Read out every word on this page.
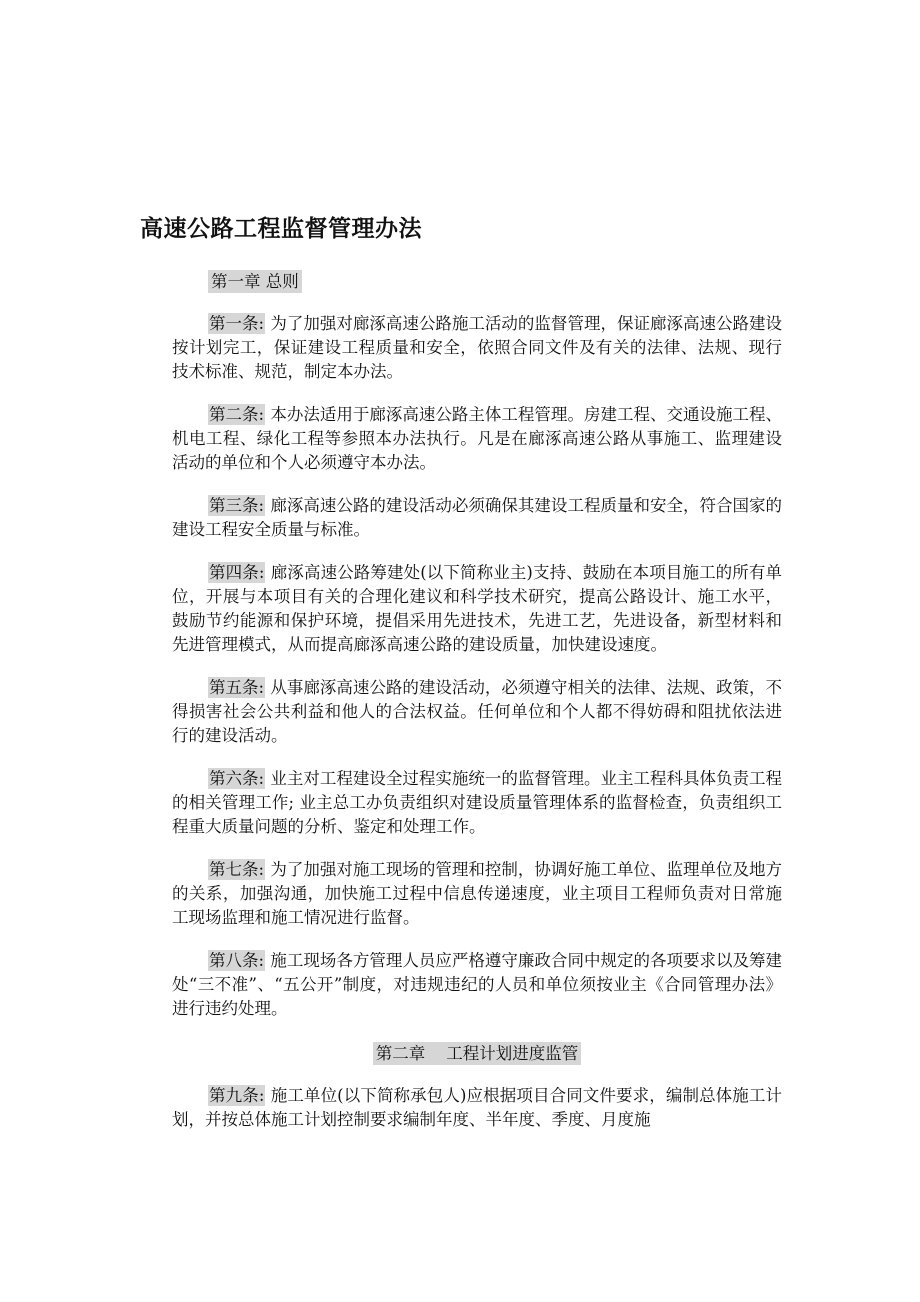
高速公路工程监督管理办法

第一章 总则

第一条: 为了加强对廊涿高速公路施工活动的监督管理，保证廊涿高速公路建设按计划完工，保证建设工程质量和安全，依照合同文件及有关的法律、法规、现行技术标准、规范，制定本办法。

第二条: 本办法适用于廊涿高速公路主体工程管理。房建工程、交通设施工程、机电工程、绿化工程等参照本办法执行。凡是在廊涿高速公路从事施工、监理建设活动的单位和个人必须遵守本办法。

第三条: 廊涿高速公路的建设活动必须确保其建设工程质量和安全，符合国家的建设工程安全质量与标准。

第四条: 廊涿高速公路筹建处(以下简称业主)支持、鼓励在本项目施工的所有单位，开展与本项目有关的合理化建议和科学技术研究，提高公路设计、施工水平，鼓励节约能源和保护环境，提倡采用先进技术，先进工艺，先进设备，新型材料和先进管理模式，从而提高廊涿高速公路的建设质量，加快建设速度。

第五条: 从事廊涿高速公路的建设活动，必须遵守相关的法律、法规、政策，不得损害社会公共利益和他人的合法权益。任何单位和个人都不得妨碍和阻扰依法进行的建设活动。

第六条: 业主对工程建设全过程实施统一的监督管理。业主工程科具体负责工程的相关管理工作; 业主总工办负责组织对建设质量管理体系的监督检查，负责组织工程重大质量问题的分析、鉴定和处理工作。

第七条: 为了加强对施工现场的管理和控制，协调好施工单位、监理单位及地方的关系，加强沟通，加快施工过程中信息传递速度，业主项目工程师负责对日常施工现场监理和施工情况进行监督。

第八条: 施工现场各方管理人员应严格遵守廉政合同中规定的各项要求以及筹建处“三不准”、“五公开”制度，对违规违纪的人员和单位须按业主《合同管理办法》进行违约处理。

第二章    工程计划进度监管

第九条: 施工单位(以下简称承包人)应根据项目合同文件要求，编制总体施工计划，并按总体施工计划控制要求编制年度、半年度、季度、月度施
